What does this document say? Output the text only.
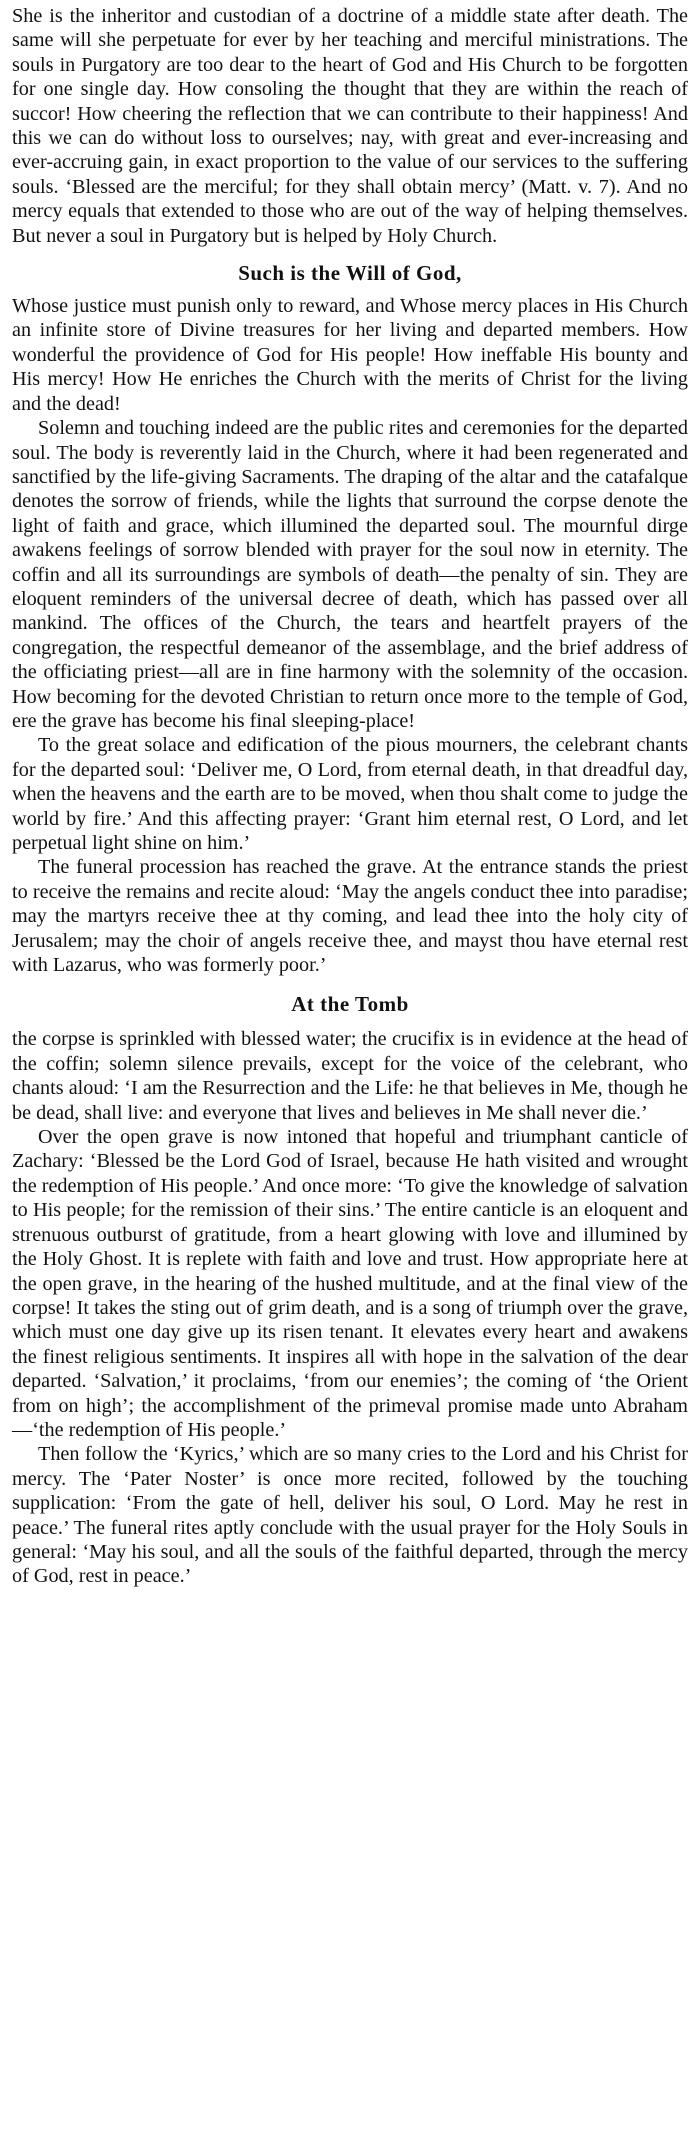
She is the inheritor and custodian of a doctrine of a middle state after death. The same will she perpetuate for ever by her teaching and merciful ministrations. The souls in Purgatory are too dear to the heart of God and His Church to be forgotten for one single day. How consoling the thought that they are within the reach of succor! How cheering the reflection that we can contribute to their happiness! And this we can do without loss to ourselves; nay, with great and ever-increasing and ever-accruing gain, in exact proportion to the value of our services to the suffering souls. ‘Blessed are the merciful; for they shall obtain mercy’ (Matt. v. 7). And no mercy equals that extended to those who are out of the way of helping themselves. But never a soul in Purgatory but is helped by Holy Church.

Such is the Will of God,

Whose justice must punish only to reward, and Whose mercy places in His Church an infinite store of Divine treasures for her living and departed members. How wonderful the providence of God for His people! How ineffable His bounty and His mercy! How He enriches the Church with the merits of Christ for the living and the dead!

Solemn and touching indeed are the public rites and ceremonies for the departed soul. The body is reverently laid in the Church, where it had been regenerated and sanctified by the life-giving Sacraments. The draping of the altar and the catafalque denotes the sorrow of friends, while the lights that surround the corpse denote the light of faith and grace, which illumined the departed soul. The mournful dirge awakens feelings of sorrow blended with prayer for the soul now in eternity. The coffin and all its surroundings are symbols of death—the penalty of sin. They are eloquent reminders of the universal decree of death, which has passed over all mankind. The offices of the Church, the tears and heartfelt prayers of the congregation, the respectful demeanor of the assemblage, and the brief address of the officiating priest—all are in fine harmony with the solemnity of the occasion. How becoming for the devoted Christian to return once more to the temple of God, ere the grave has become his final sleeping-place!

To the great solace and edification of the pious mourners, the celebrant chants for the departed soul: ‘Deliver me, O Lord, from eternal death, in that dreadful day, when the heavens and the earth are to be moved, when thou shalt come to judge the world by fire.’ And this affecting prayer: ‘Grant him eternal rest, O Lord, and let perpetual light shine on him.’

The funeral procession has reached the grave. At the entrance stands the priest to receive the remains and recite aloud: ‘May the angels conduct thee into paradise; may the martyrs receive thee at thy coming, and lead thee into the holy city of Jerusalem; may the choir of angels receive thee, and mayst thou have eternal rest with Lazarus, who was formerly poor.’

At the Tomb

the corpse is sprinkled with blessed water; the crucifix is in evidence at the head of the coffin; solemn silence prevails, except for the voice of the celebrant, who chants aloud: ‘I am the Resurrection and the Life: he that believes in Me, though he be dead, shall live: and everyone that lives and believes in Me shall never die.’

Over the open grave is now intoned that hopeful and triumphant canticle of Zachary: ‘Blessed be the Lord God of Israel, because He hath visited and wrought the redemption of His people.’ And once more: ‘To give the knowledge of salvation to His people; for the remission of their sins.’ The entire canticle is an eloquent and strenuous outburst of gratitude, from a heart glowing with love and illumined by the Holy Ghost. It is replete with faith and love and trust. How appropriate here at the open grave, in the hearing of the hushed multitude, and at the final view of the corpse! It takes the sting out of grim death, and is a song of triumph over the grave, which must one day give up its risen tenant. It elevates every heart and awakens the finest religious sentiments. It inspires all with hope in the salvation of the dear departed. ‘Salvation,’ it proclaims, ‘from our enemies’; the coming of ‘the Orient from on high’; the accomplishment of the primeval promise made unto Abraham—‘the redemption of His people.’

Then follow the ‘Kyrics,’ which are so many cries to the Lord and his Christ for mercy. The ‘Pater Noster’ is once more recited, followed by the touching supplication: ‘From the gate of hell, deliver his soul, O Lord. May he rest in peace.’ The funeral rites aptly conclude with the usual prayer for the Holy Souls in general: ‘May his soul, and all the souls of the faithful departed, through the mercy of God, rest in peace.’
